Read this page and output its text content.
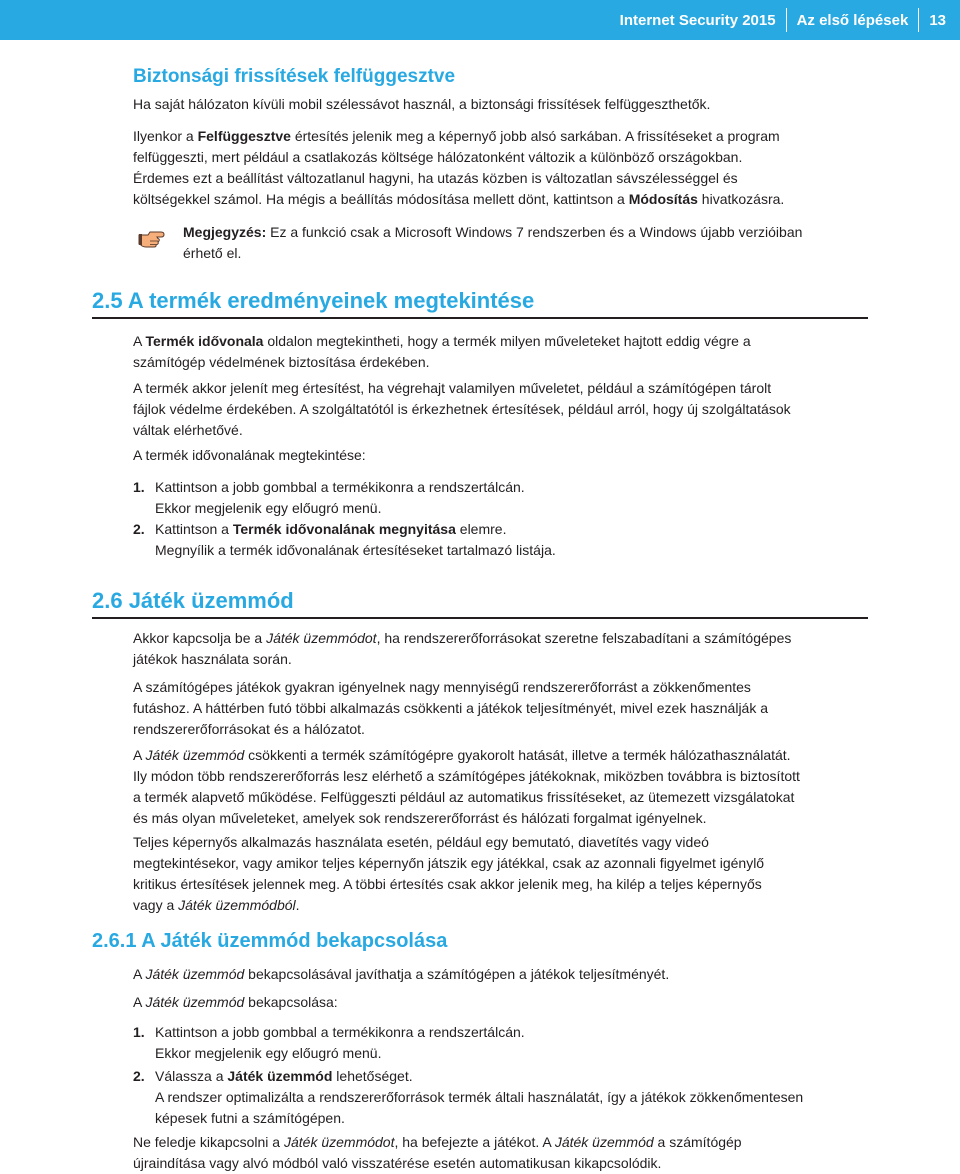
Internet Security 2015 Az első lépések 13
Biztonsági frissítések felfüggesztve

Ha saját hálózaton kívüli mobil szélessávot használ, a biztonsági frissítések felfüggeszthetők.

Ilyenkor a Felfüggesztve értesítés jelenik meg a képernyő jobb alsó sarkában. A frissítéseket a program
felfüggeszti, mert például a csatlakozás költsége hálózatonként változik a különböző országokban.
Érdemes ezt a beállítást változatlanul hagyni, ha utazás közben is változatlan sávszélességgel és
költségekkel számol. Ha mégis a beállítás módosítása mellett dönt, kattintson a Módosítás hivatkozásra.
Megjegyzés: Ez a funkció csak a Microsoft Windows 7 rendszerben és a Windows újabb verzióiban
érhető el.
2.5 A termék eredményeinek megtekintése
A Termék idővonala oldalon megtekintheti, hogy a termék milyen műveleteket hajtott eddig végre a
számítógép védelmének biztosítása érdekében.
A termék akkor jelenít meg értesítést, ha végrehajt valamilyen műveletet, például a számítógépen tárolt
fájlok védelme érdekében. A szolgáltatótól is érkezhetnek értesítések, például arról, hogy új szolgáltatások
váltak elérhetővé.

A termék idővonalának megtekintése:

1. Kattintson a jobb gombbal a termékikonra a rendszertálcán.
Ekkor megjelenik egy előugró menü.
2. Kattintson a Termék idővonalának megnyitása elemre.
Megnyílik a termék idővonalának értesítéseket tartalmazó listája.
2.6 Játék üzemmód
Akkor kapcsolja be a Játék üzemmódot, ha rendszererőforrásokat szeretne felszabadítani a számítógépes
játékok használata során.
A számítógépes játékok gyakran igényelnek nagy mennyiségű rendszererőforrást a zökkenőmentes
futáshoz. A háttérben futó többi alkalmazás csökkenti a játékok teljesítményét, mivel ezek használják a
rendszererőforrásokat és a hálózatot.
A Játék üzemmód csökkenti a termék számítógépre gyakorolt hatását, illetve a termék hálózathasználatát.
Ily módon több rendszererőforrás lesz elérhető a számítógépes játékoknak, miközben továbbra is biztosított
a termék alapvető működése. Felfüggeszti például az automatikus frissítéseket, az ütemezett vizsgálatokat
és más olyan műveleteket, amelyek sok rendszererőforrást és hálózati forgalmat igényelnek.
Teljes képernyős alkalmazás használata esetén, például egy bemutató, diavetítés vagy videó
megtekintésekor, vagy amikor teljes képernyőn játszik egy játékkal, csak az azonnali figyelmet igénylő
kritikus értesítések jelennek meg. A többi értesítés csak akkor jelenik meg, ha kilép a teljes képernyős
vagy a Játék üzemmódból.
2.6.1 A Játék üzemmód bekapcsolása

A Játék üzemmód bekapcsolásával javíthatja a számítógépen a játékok teljesítményét.

A Játék üzemmód bekapcsolása:

1. Kattintson a jobb gombbal a termékikonra a rendszertálcán.
Ekkor megjelenik egy előugró menü.
2. Válassza a Játék üzemmód lehetőséget.
A rendszer optimalizálta a rendszererőforrások termék általi használatát, így a játékok zökkenőmentesen
képesek futni a számítógépen.
Ne feledje kikapcsolni a Játék üzemmódot, ha befejezte a játékot. A Játék üzemmód a számítógép
újraindítása vagy alvó módból való visszatérése esetén automatikusan kikapcsolódik.
